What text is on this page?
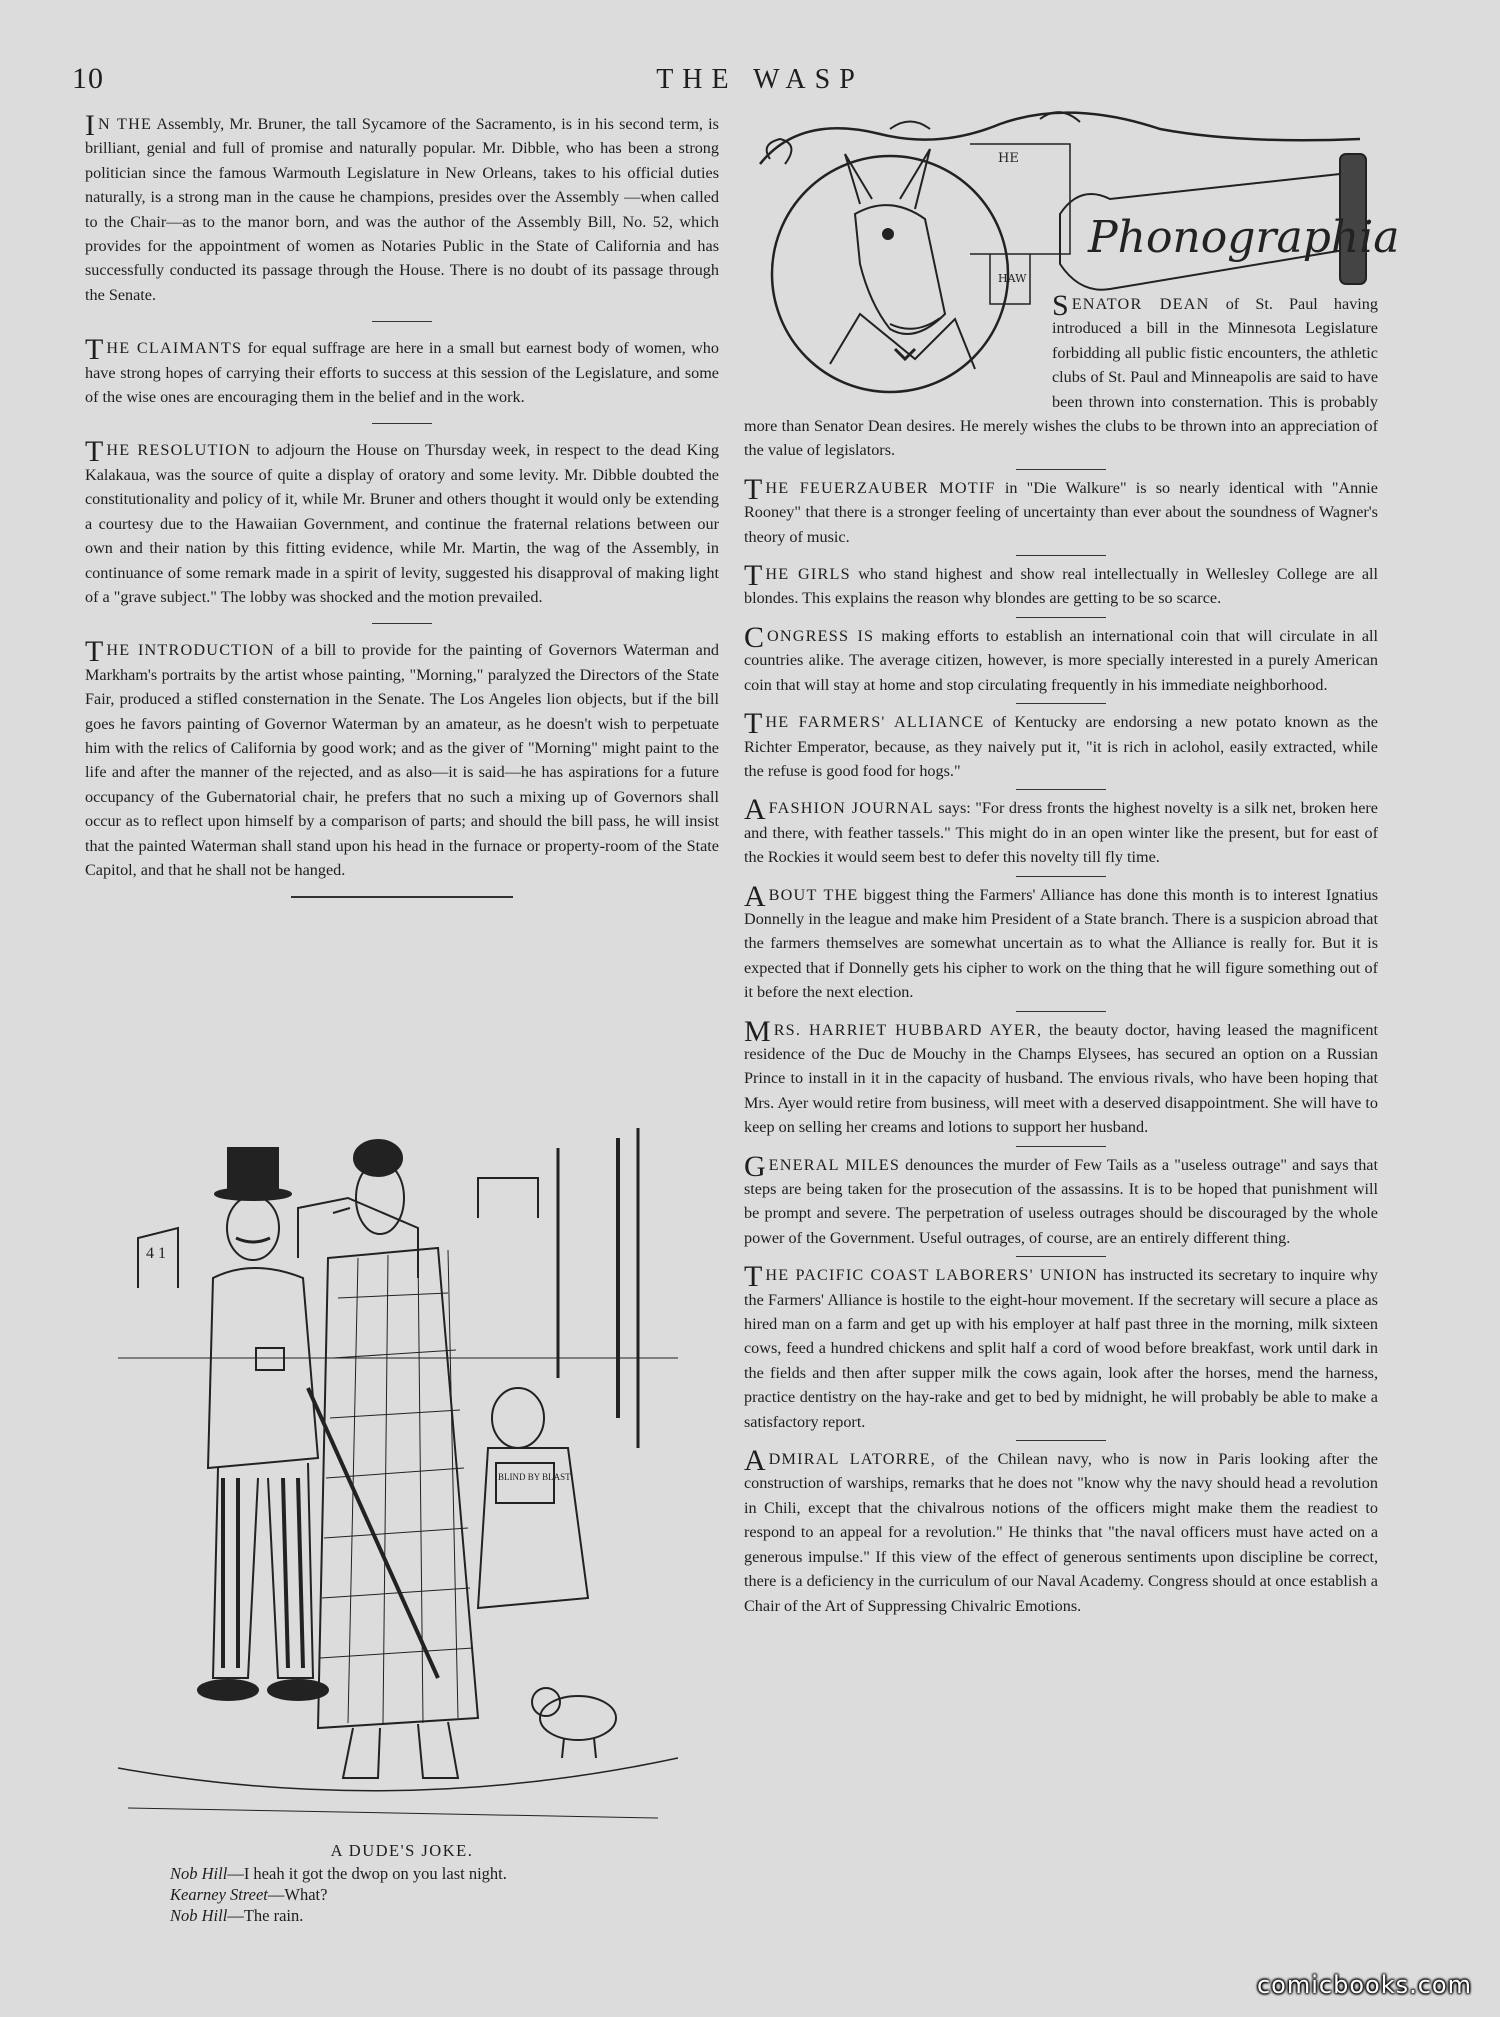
10	THE WASP

I N THE Assembly, Mr. Bruner, the tall Sycamore of the Sacramento, is in his second term, is brilliant, genial and full of promise and naturally popular. Mr. Dibble, who has been a strong politician since the famous Warmouth Legislature in New Orleans, takes to his official duties naturally, is a strong man in the cause he champions, presides over the Assembly —when called to the Chair—as to the manor born, and was the author of the Assembly Bill, No. 52, which provides for the appointment of women as Notaries Public in the State of California and has successfully conducted its passage through the House. There is no doubt of its passage through the Senate.

THE CLAIMANTS for equal suffrage are here in a small but earnest body of women, who have strong hopes of carrying their efforts to success at this session of the Legislature, and some of the wise ones are encouraging them in the belief and in the work.

THE RESOLUTION to adjourn the House on Thursday week, in respect to the dead King Kalakaua, was the source of quite a display of oratory and some levity. Mr. Dibble doubted the constitutionality and policy of it, while Mr. Bruner and others thought it would only be extending a courtesy due to the Hawaiian Government, and continue the fraternal relations between our own and their nation by this fitting evidence, while Mr. Martin, the wag of the Assembly, in continuance of some remark made in a spirit of levity, suggested his disapproval of making light of a "grave subject." The lobby was shocked and the motion prevailed.

THE INTRODUCTION of a bill to provide for the painting of Governors Waterman and Markham's portraits by the artist whose painting, "Morning," paralyzed the Directors of the State Fair, produced a stifled consternation in the Senate. The Los Angeles lion objects, but if the bill goes he favors painting of Governor Waterman by an amateur, as he doesn't wish to perpetuate him with the relics of California by good work; and as the giver of "Morning" might paint to the life and after the manner of the rejected, and as also—it is said—he has aspirations for a future occupancy of the Gubernatorial chair, he prefers that no such a mixing up of Governors shall occur as to reflect upon himself by a comparison of parts; and should the bill pass, he will insist that the painted Waterman shall stand upon his head in the furnace or property-room of the State Capitol, and that he shall not be hanged.

4 1
BLIND BY BLAST
A DUDE'S JOKE.
Nob Hill—I heah it got the dwop on you last night.
Kearney Street—What?
Nob Hill—The rain.
HE
HAW
Phonographia

SENATOR DEAN of St. Paul having introduced a bill in the Minnesota Legislature forbidding all public fistic encounters, the athletic clubs of St. Paul and Minneapolis are said to have been thrown into consternation. This is probably more than Senator Dean desires. He merely wishes the clubs to be thrown into an appreciation of the value of legislators.

THE FEUERZAUBER MOTIF in "Die Walkure" is so nearly identical with "Annie Rooney" that there is a stronger feeling of uncertainty than ever about the soundness of Wagner's theory of music.

THE GIRLS who stand highest and show real intellectually in Wellesley College are all blondes. This explains the reason why blondes are getting to be so scarce.

CONGRESS IS making efforts to establish an international coin that will circulate in all countries alike. The average citizen, however, is more specially interested in a purely American coin that will stay at home and stop circulating frequently in his immediate neighborhood.

THE FARMERS' ALLIANCE of Kentucky are endorsing a new potato known as the Richter Emperator, because, as they naively put it, "it is rich in aclohol, easily extracted, while the refuse is good food for hogs."

AFASHION JOURNAL says: "For dress fronts the highest novelty is a silk net, broken here and there, with feather tassels." This might do in an open winter like the present, but for east of the Rockies it would seem best to defer this novelty till fly time.

ABOUT THE biggest thing the Farmers' Alliance has done this month is to interest Ignatius Donnelly in the league and make him President of a State branch. There is a suspicion abroad that the farmers themselves are somewhat uncertain as to what the Alliance is really for. But it is expected that if Donnelly gets his cipher to work on the thing that he will figure something out of it before the next election.

MRS. HARRIET HUBBARD AYER, the beauty doctor, having leased the magnificent residence of the Duc de Mouchy in the Champs Elysees, has secured an option on a Russian Prince to install in it in the capacity of husband. The envious rivals, who have been hoping that Mrs. Ayer would retire from business, will meet with a deserved disappointment. She will have to keep on selling her creams and lotions to support her husband.

GENERAL MILES denounces the murder of Few Tails as a "useless outrage" and says that steps are being taken for the prosecution of the assassins. It is to be hoped that punishment will be prompt and severe. The perpetration of useless outrages should be discouraged by the whole power of the Government. Useful outrages, of course, are an entirely different thing.

THE PACIFIC COAST LABORERS' UNION has instructed its secretary to inquire why the Farmers' Alliance is hostile to the eight-hour movement. If the secretary will secure a place as hired man on a farm and get up with his employer at half past three in the morning, milk sixteen cows, feed a hundred chickens and split half a cord of wood before breakfast, work until dark in the fields and then after supper milk the cows again, look after the horses, mend the harness, practice dentistry on the hay-rake and get to bed by midnight, he will probably be able to make a satisfactory report.

ADMIRAL LATORRE, of the Chilean navy, who is now in Paris looking after the construction of warships, remarks that he does not "know why the navy should head a revolution in Chili, except that the chivalrous notions of the officers might make them the readiest to respond to an appeal for a revolution." He thinks that "the naval officers must have acted on a generous impulse." If this view of the effect of generous sentiments upon discipline be correct, there is a deficiency in the curriculum of our Naval Academy. Congress should at once establish a Chair of the Art of Suppressing Chivalric Emotions.

comicbooks.com
